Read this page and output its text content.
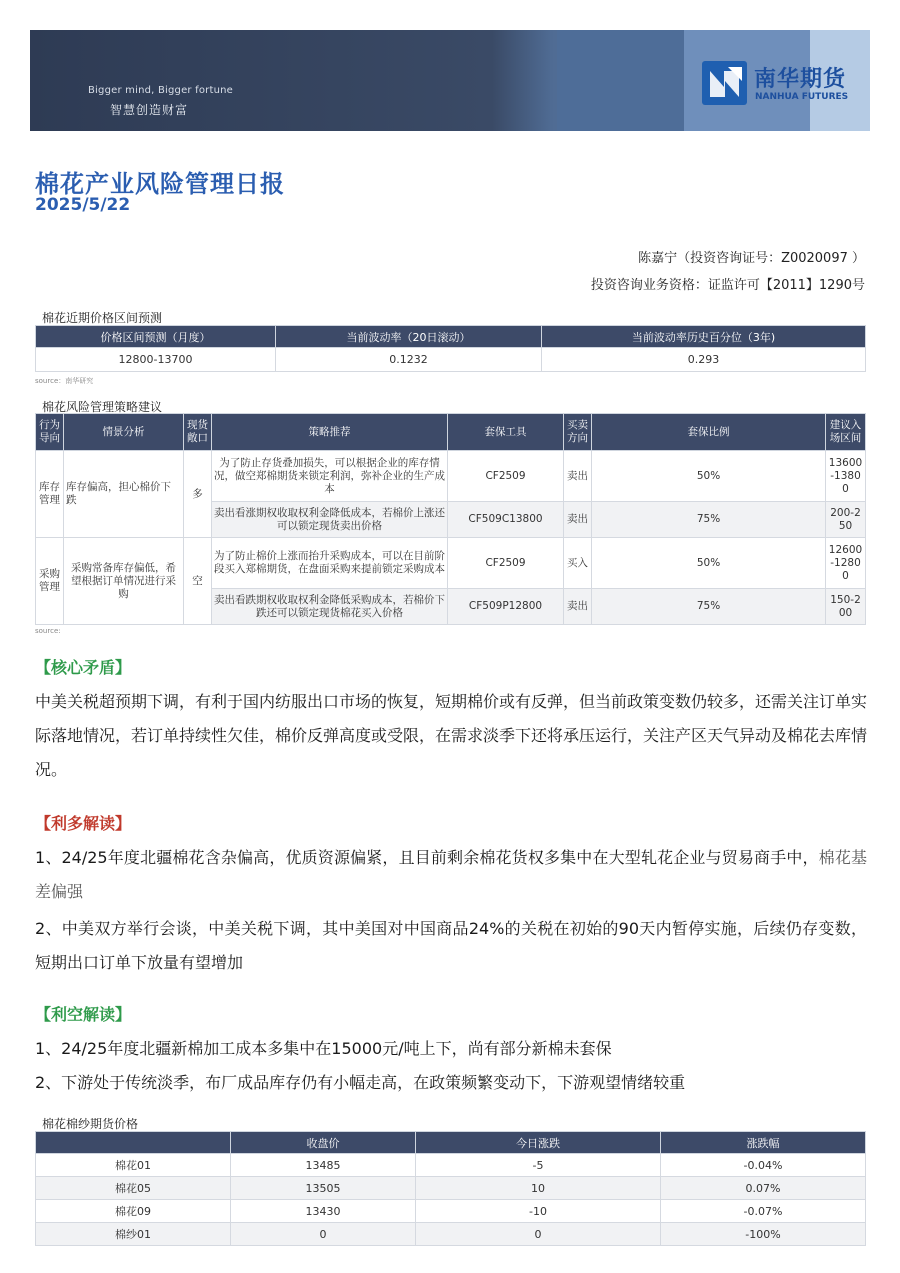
Bigger mind, Bigger fortune
智慧创造财富
南华期货
NANHUA FUTURES
棉花产业风险管理日报
2025/5/22
陈嘉宁（投资咨询证号：Z0020097 ）
投资咨询业务资格：证监许可【2011】1290号
棉花近期价格区间预测
价格区间预测（月度）	当前波动率（20日滚动）	当前波动率历史百分位（3年)
12800-13700	0.1232	0.293
source：南华研究
棉花风险管理策略建议
行为导向	情景分析	现货敞口	策略推荐	套保工具	买卖方向	套保比例	建议入场区间
库存管理	库存偏高，担心棉价下跌	多	为了防止存货叠加损失，可以根据企业的库存情况，做空郑棉期货来锁定利润，弥补企业的生产成本	CF2509	卖出	50%	13600-13800
			卖出看涨期权收取权利金降低成本，若棉价上涨还可以锁定现货卖出价格	CF509C13800	卖出	75%	200-250
采购管理	采购常备库存偏低，希望根据订单情况进行采购	空	为了防止棉价上涨而抬升采购成本，可以在目前阶段买入郑棉期货，在盘面采购来提前锁定采购成本	CF2509	买入	50%	12600-12800
			卖出看跌期权收取权利金降低采购成本，若棉价下跌还可以锁定现货棉花买入价格	CF509P12800	卖出	75%	150-200
source:
【核心矛盾】
中美关税超预期下调，有利于国内纺服出口市场的恢复，短期棉价或有反弹，但当前政策变数仍较多，还需关注订单实际落地情况，若订单持续性欠佳，棉价反弹高度或受限，在需求淡季下还将承压运行，关注产区天气异动及棉花去库情况。
【利多解读】
1、24/25年度北疆棉花含杂偏高，优质资源偏紧，且目前剩余棉花货权多集中在大型轧花企业与贸易商手中，棉花基差偏强
2、中美双方举行会谈，中美关税下调，其中美国对中国商品24%的关税在初始的90天内暂停实施，后续仍存变数，短期出口订单下放量有望增加
【利空解读】
1、24/25年度北疆新棉加工成本多集中在15000元/吨上下，尚有部分新棉未套保
2、下游处于传统淡季，布厂成品库存仍有小幅走高，在政策频繁变动下，下游观望情绪较重
棉花棉纱期货价格
	收盘价	今日涨跌	涨跌幅
棉花01	13485	-5	-0.04%
棉花05	13505	10	0.07%
棉花09	13430	-10	-0.07%
棉纱01	0	0	-100%
